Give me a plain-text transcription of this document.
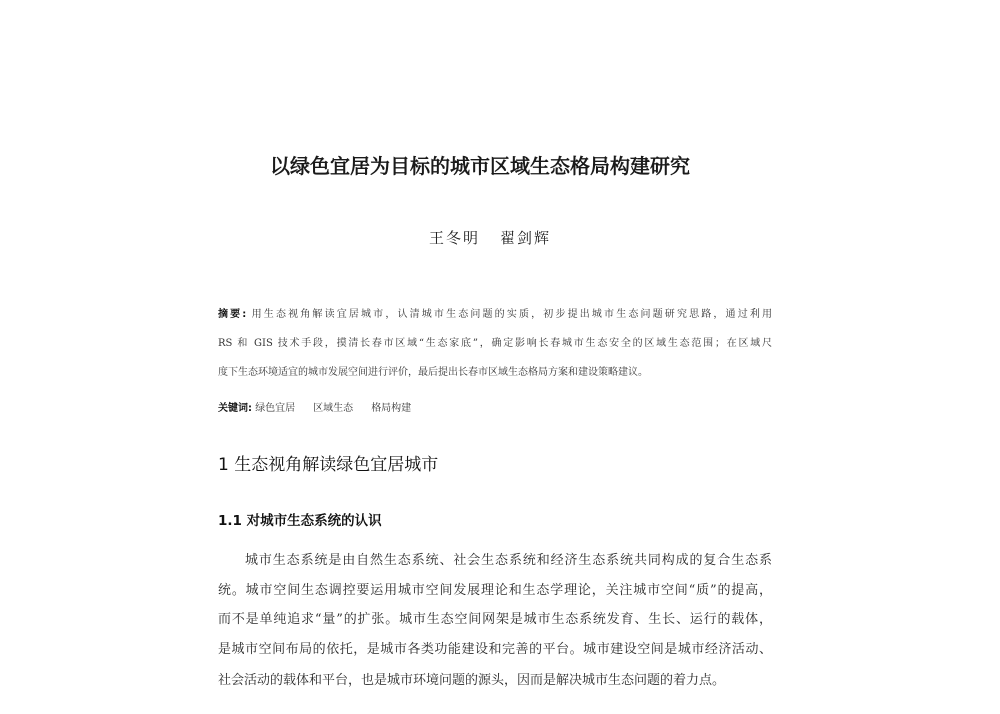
以绿色宜居为目标的城市区域生态格局构建研究
王冬明 翟剑辉
摘要: 用生态视角解读宜居城市，认清城市生态问题的实质，初步提出城市生态问题研究思路，通过利用
RS 和 GIS 技术手段，摸清长春市区域“生态家底”，确定影响长春城市生态安全的区域生态范围；在区域尺
度下生态环境适宜的城市发展空间进行评价，最后提出长春市区域生态格局方案和建设策略建议。
关键词: 绿色宜居 区域生态 格局构建
1 生态视角解读绿色宜居城市
1.1 对城市生态系统的认识
城市生态系统是由自然生态系统、社会生态系统和经济生态系统共同构成的复合生态系
统。城市空间生态调控要运用城市空间发展理论和生态学理论，关注城市空间“质”的提高，
而不是单纯追求“量”的扩张。城市生态空间网架是城市生态系统发育、生长、运行的载体，
是城市空间布局的依托，是城市各类功能建设和完善的平台。城市建设空间是城市经济活动、
社会活动的载体和平台，也是城市环境问题的源头，因而是解决城市生态问题的着力点。
